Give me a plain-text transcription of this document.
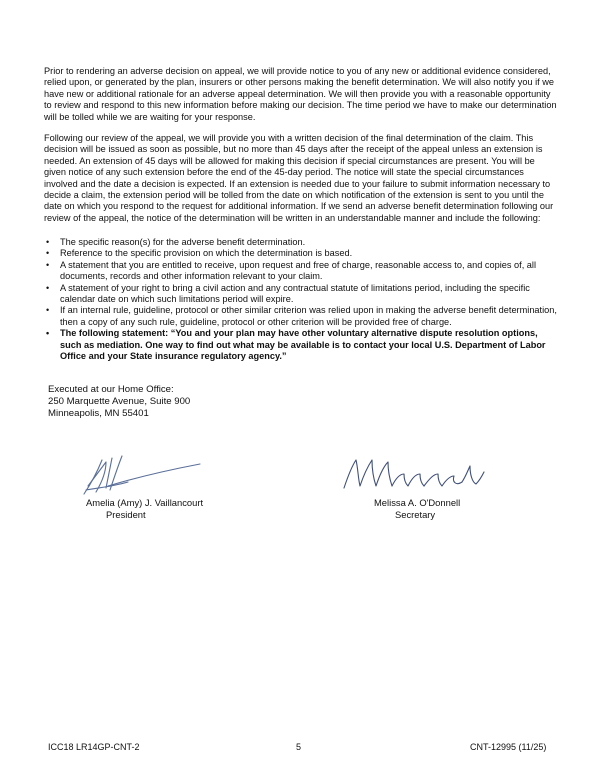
Prior to rendering an adverse decision on appeal, we will provide notice to you of any new or additional evidence considered, relied upon, or generated by the plan, insurers or other persons making the benefit determination. We will also notify you if we have new or additional rationale for an adverse appeal determination. We will then provide you with a reasonable opportunity to review and respond to this new information before making our decision. The time period we have to make our determination will be tolled while we are waiting for your response.

Following our review of the appeal, we will provide you with a written decision of the final determination of the claim. This decision will be issued as soon as possible, but no more than 45 days after the receipt of the appeal unless an extension is needed. An extension of 45 days will be allowed for making this decision if special circumstances are present. You will be given notice of any such extension before the end of the 45-day period. The notice will state the special circumstances involved and the date a decision is expected. If an extension is needed due to your failure to submit information necessary to decide a claim, the extension period will be tolled from the date on which notification of the extension is sent to you until the date on which you respond to the request for additional information. If we send an adverse benefit determination following our review of the appeal, the notice of the determination will be written in an understandable manner and include the following:

• The specific reason(s) for the adverse benefit determination.
• Reference to the specific provision on which the determination is based.
• A statement that you are entitled to receive, upon request and free of charge, reasonable access to, and copies of, all documents, records and other information relevant to your claim.
• A statement of your right to bring a civil action and any contractual statute of limitations period, including the specific calendar date on which such limitations period will expire.
• If an internal rule, guideline, protocol or other similar criterion was relied upon in making the adverse benefit determination, then a copy of any such rule, guideline, protocol or other criterion will be provided free of charge.
• The following statement: “You and your plan may have other voluntary alternative dispute resolution options, such as mediation. One way to find out what may be available is to contact your local U.S. Department of Labor Office and your State insurance regulatory agency.”
Executed at our Home Office:
250 Marquette Avenue, Suite 900
Minneapolis, MN 55401
Amelia (Amy) J. Vaillancourt
President
Melissa A. O'Donnell
Secretary
ICC18 LR14GP-CNT-2	5	CNT-12995 (11/25)
